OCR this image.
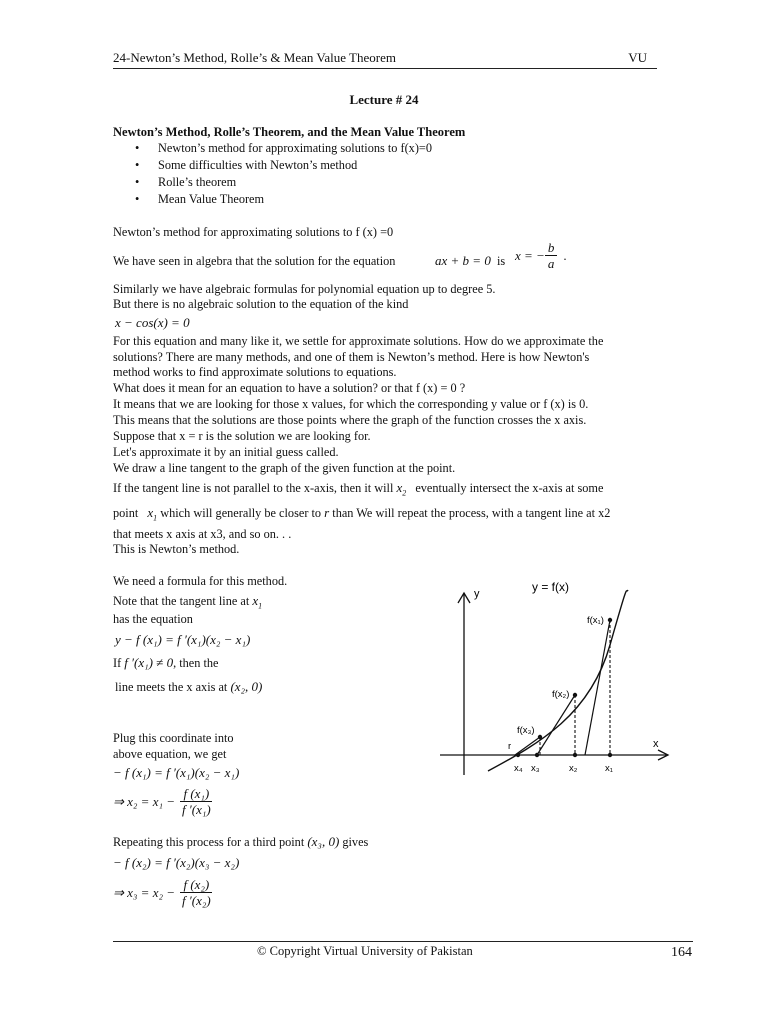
24-Newton’s Method, Rolle’s & Mean Value Theorem	VU
Lecture # 24
Newton’s Method, Rolle’s Theorem, and the Mean Value Theorem
• Newton’s method for approximating solutions to f(x)=0
• Some difficulties with Newton’s method
• Rolle’s theorem
• Mean Value Theorem
Newton’s method for approximating solutions to f (x) =0
We have seen in algebra that the solution for the equation	ax + b = 0 is x = − $\frac{b}{a}$ .
Similarly we have algebraic formulas for polynomial equation up to degree 5.
But there is no algebraic solution to the equation of the kind
x − cos(x) = 0
For this equation and many like it, we settle for approximate solutions. How do we approximate the
solutions? There are many methods, and one of them is Newton’s method. Here is how Newton's
method works to find approximate solutions to equations.
What does it mean for an equation to have a solution? or that f (x) = 0 ?
It means that we are looking for those x values, for which the corresponding y value or f (x) is 0.
This means that the solutions are those points where the graph of the function crosses the x axis.
Suppose that x = r is the solution we are looking for.
Let's approximate it by an initial guess called.
We draw a line tangent to the graph of the given function at the point.
If the tangent line is not parallel to the x-axis, then it will $x_2$ eventually intersect the x-axis at some
point $x_1$ which will generally be closer to r than We will repeat the process, with a tangent line at x2
that meets x axis at x3, and so on. . .
This is Newton’s method.
We need a formula for this method.
Note that the tangent line at $x_1$
has the equation
y − f (x₁) = f ′(x₁)(x₂ − x₁)
If f ′(x₁) ≠ 0, then the
line meets the x axis at (x₂, 0)
Plug this coordinate into
above equation, we get
− f (x₁) = f ′(x₁)(x₂ − x₁)
⇒ $x_2 = x_1 - \frac{\text{f (x₁)}}{\text{f ′(x₁)}}$
Repeating this process for a third point (x₃, 0) gives
− f (x₂) = f ′(x₂)(x₃ − x₂)
⇒ $x_3 = x_2 - \frac{\text{f (x₂)}}{\text{f ′(x₂)}}$
y = f(x)
y
x
f(x₁)
f(x₂)
f(x₃)
r
x₄ x₃	x₂	x₁
© Copyright Virtual University of Pakistan	164
